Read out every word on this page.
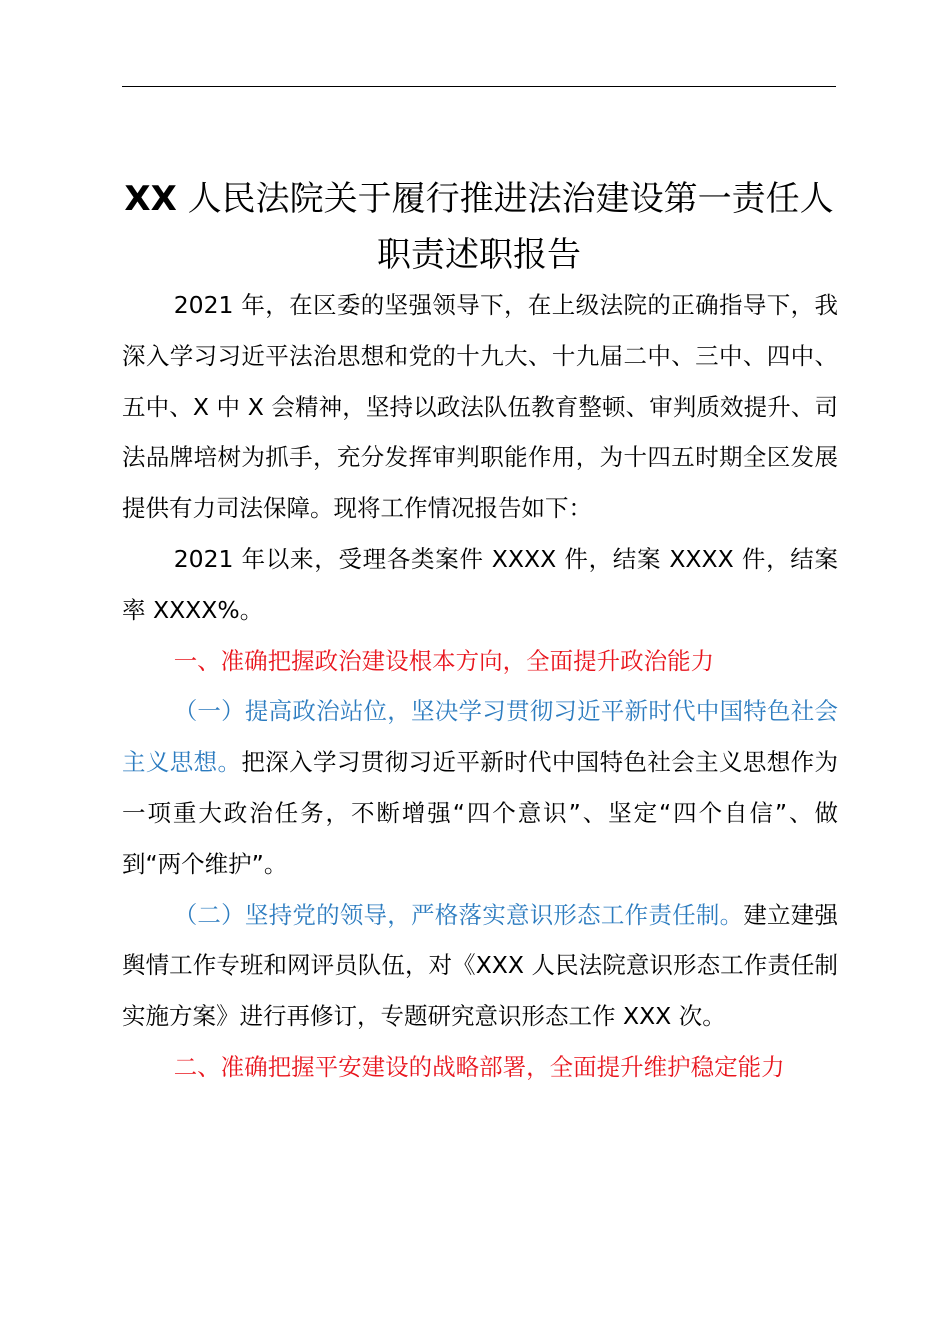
XX 人民法院关于履行推进法治建设第一责任人职责述职报告

2021 年，在区委的坚强领导下，在上级法院的正确指导下，我深入学习习近平法治思想和党的十九大、十九届二中、三中、四中、五中、X 中 X 会精神，坚持以政法队伍教育整顿、审判质效提升、司法品牌培树为抓手，充分发挥审判职能作用，为十四五时期全区发展提供有力司法保障。现将工作情况报告如下：

2021 年以来，受理各类案件 XXXX 件，结案 XXXX 件，结案率 XXXX%。

一、准确把握政治建设根本方向，全面提升政治能力

（一）提高政治站位，坚决学习贯彻习近平新时代中国特色社会主义思想。把深入学习贯彻习近平新时代中国特色社会主义思想作为一项重大政治任务，不断增强“四个意识”、坚定“四个自信”、做到“两个维护”。

（二）坚持党的领导，严格落实意识形态工作责任制。建立建强舆情工作专班和网评员队伍，对《XXX 人民法院意识形态工作责任制实施方案》进行再修订，专题研究意识形态工作 XXX 次。

二、准确把握平安建设的战略部署，全面提升维护稳定能力
